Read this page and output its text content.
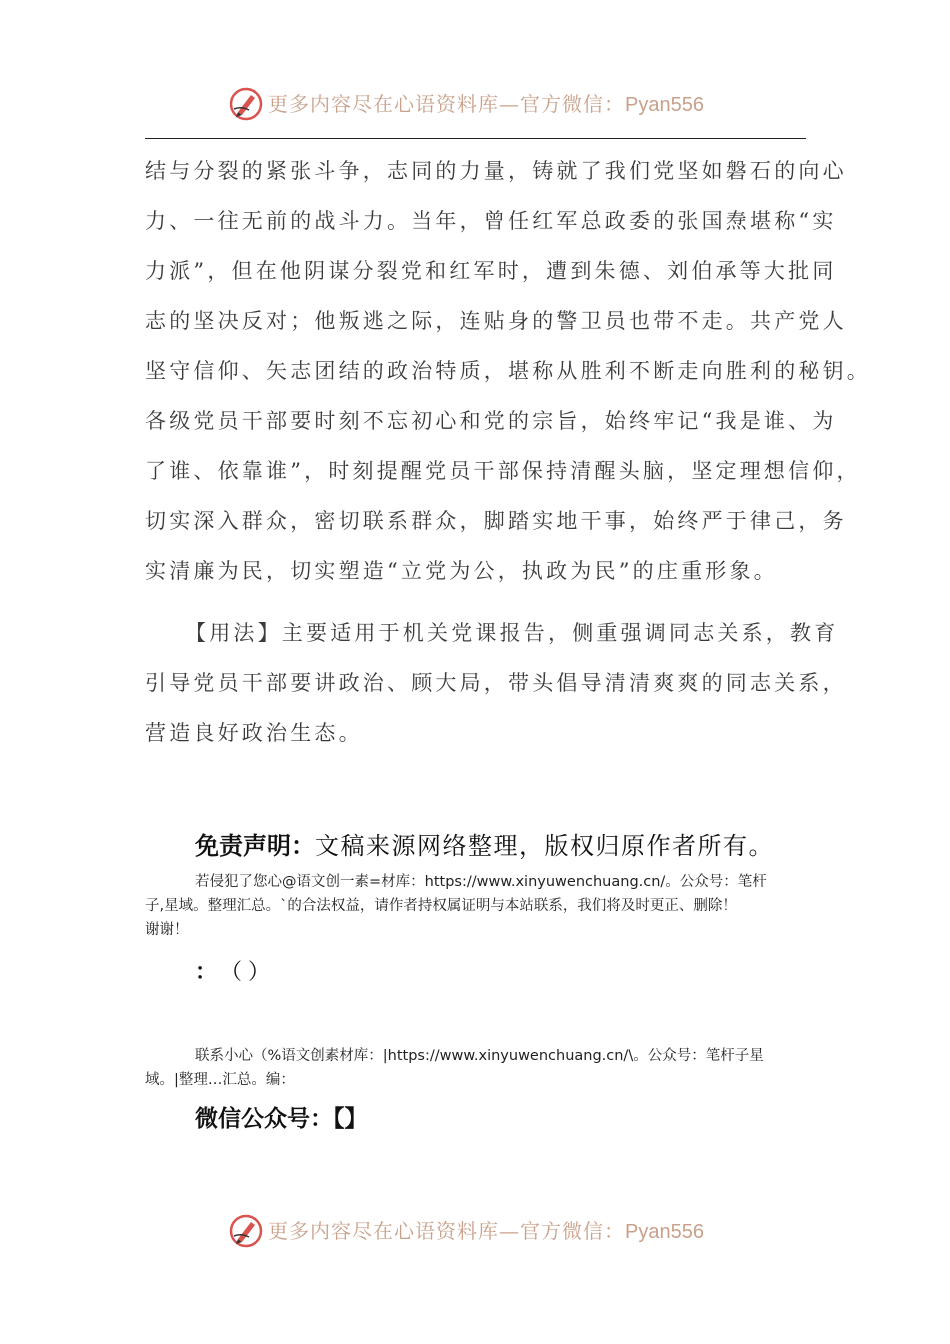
更多内容尽在心语资料库—官方微信：Pyan556
结与分裂的紧张斗争，志同的力量，铸就了我们党坚如磐石的向心
力、一往无前的战斗力。当年，曾任红军总政委的张国焘堪称“实
力派”，但在他阴谋分裂党和红军时，遭到朱德、刘伯承等大批同
志的坚决反对；他叛逃之际，连贴身的警卫员也带不走。共产党人
坚守信仰、矢志团结的政治特质，堪称从胜利不断走向胜利的秘钥。
各级党员干部要时刻不忘初心和党的宗旨，始终牢记“我是谁、为
了谁、依靠谁”，时刻提醒党员干部保持清醒头脑，坚定理想信仰，
切实深入群众，密切联系群众，脚踏实地干事，始终严于律己，务
实清廉为民，切实塑造“立党为公，执政为民”的庄重形象。
【用法】主要适用于机关党课报告，侧重强调同志关系，教育
引导党员干部要讲政治、顾大局，带头倡导清清爽爽的同志关系，
营造良好政治生态。
免责声明：文稿来源网络整理，版权归原作者所有。
若侵犯了您心@语文创一素=材库：https://www.xinyuwenchuang.cn/。公众号：笔杆
子,星域。整理汇总。`的合法权益，请作者持权属证明与本站联系，我们将及时更正、删除！
谢谢！
： （）
联系小心（%语文创素材库：|https://www.xinyuwenchuang.cn/\。公众号：笔杆子星
域。|整理…汇总。编：
微信公众号：【】
更多内容尽在心语资料库—官方微信：Pyan556
